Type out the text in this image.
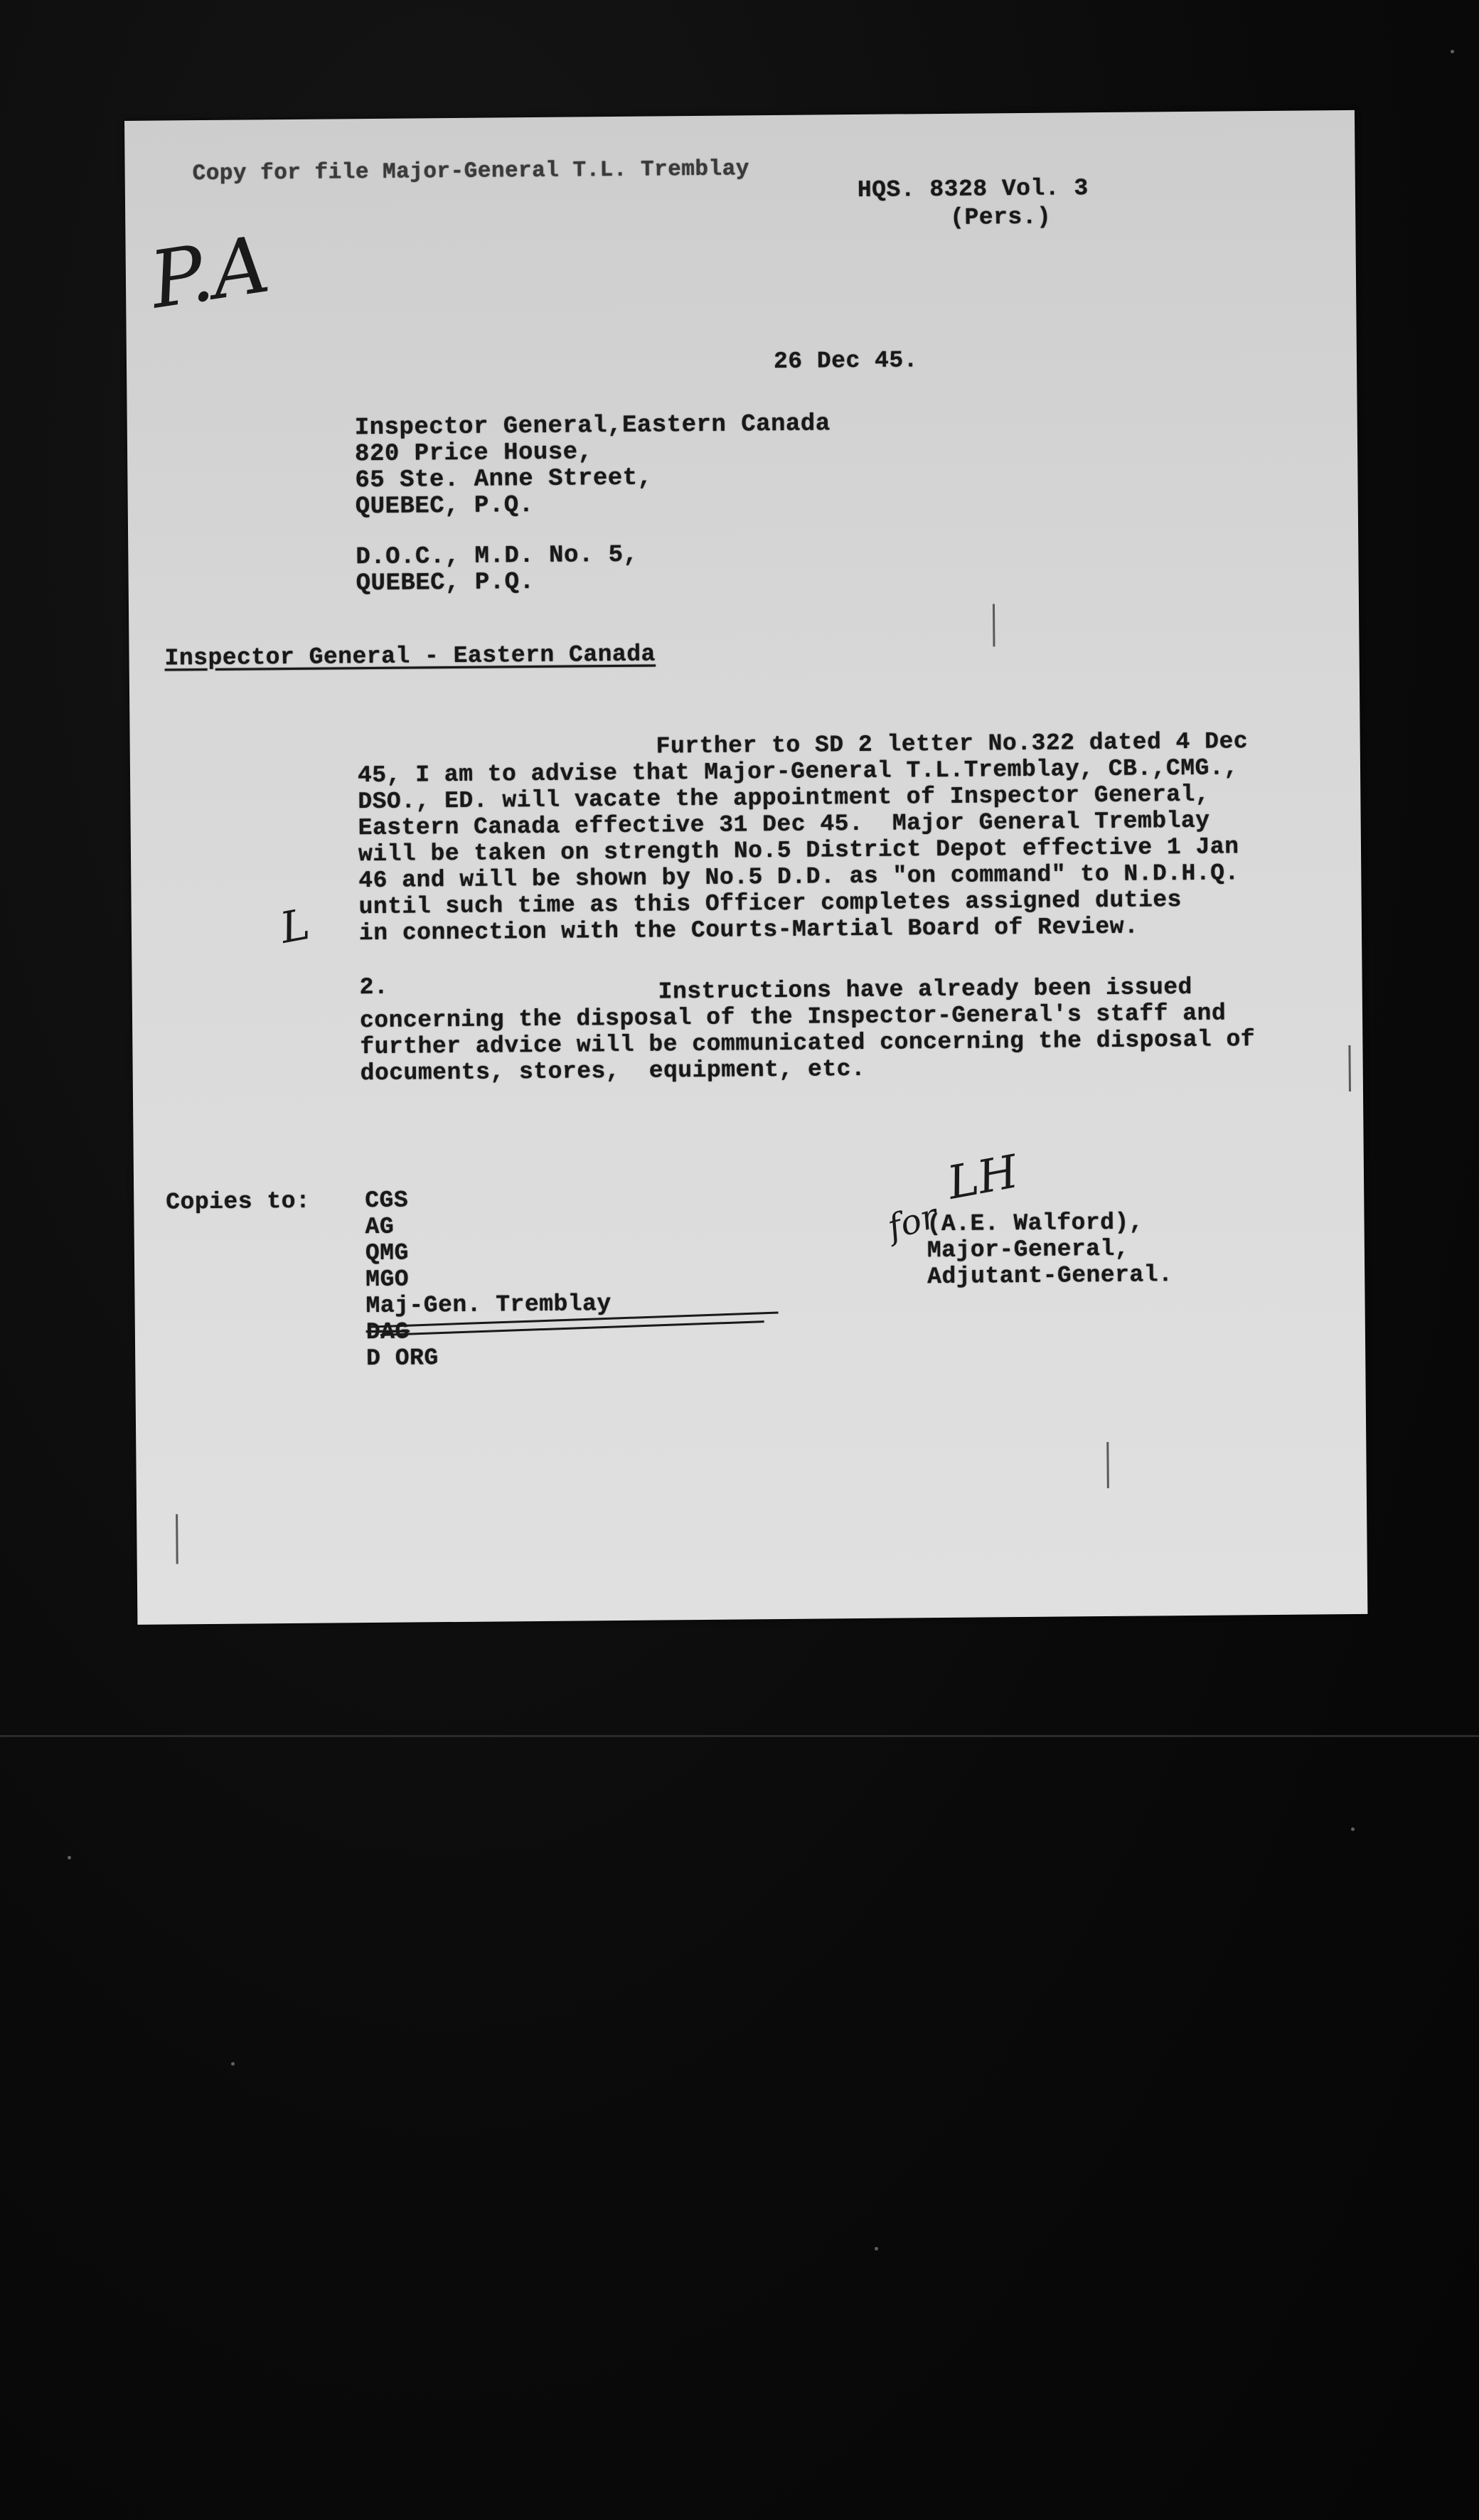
Copy for file Major-General T.L. Tremblay
HQS. 8328 Vol. 3
(Pers.)
P.A
26 Dec 45.
Inspector General,Eastern Canada
820 Price House,
65 Ste. Anne Street,
QUEBEC, P.Q.
D.O.C., M.D. No. 5,
QUEBEC, P.Q.
Inspector General - Eastern Canada
Further to SD 2 letter No.322 dated 4 Dec
45, I am to advise that Major-General T.L.Tremblay, CB.,CMG.,
DSO., ED. will vacate the appointment of Inspector General,
Eastern Canada effective 31 Dec 45.  Major General Tremblay
will be taken on strength No.5 District Depot effective 1 Jan
46 and will be shown by No.5 D.D. as "on command" to N.D.H.Q.
until such time as this Officer completes assigned duties
in connection with the Courts-Martial Board of Review.
L
2.	Instructions have already been issued
concerning the disposal of the Inspector-General's staff and
further advice will be communicated concerning the disposal of
documents, stores,  equipment, etc.
Copies to: CGS
AG
QMG
MGO
Maj-Gen. Tremblay
DAG
D ORG
LH
for
(A.E. Walford),
Major-General,
Adjutant-General.
